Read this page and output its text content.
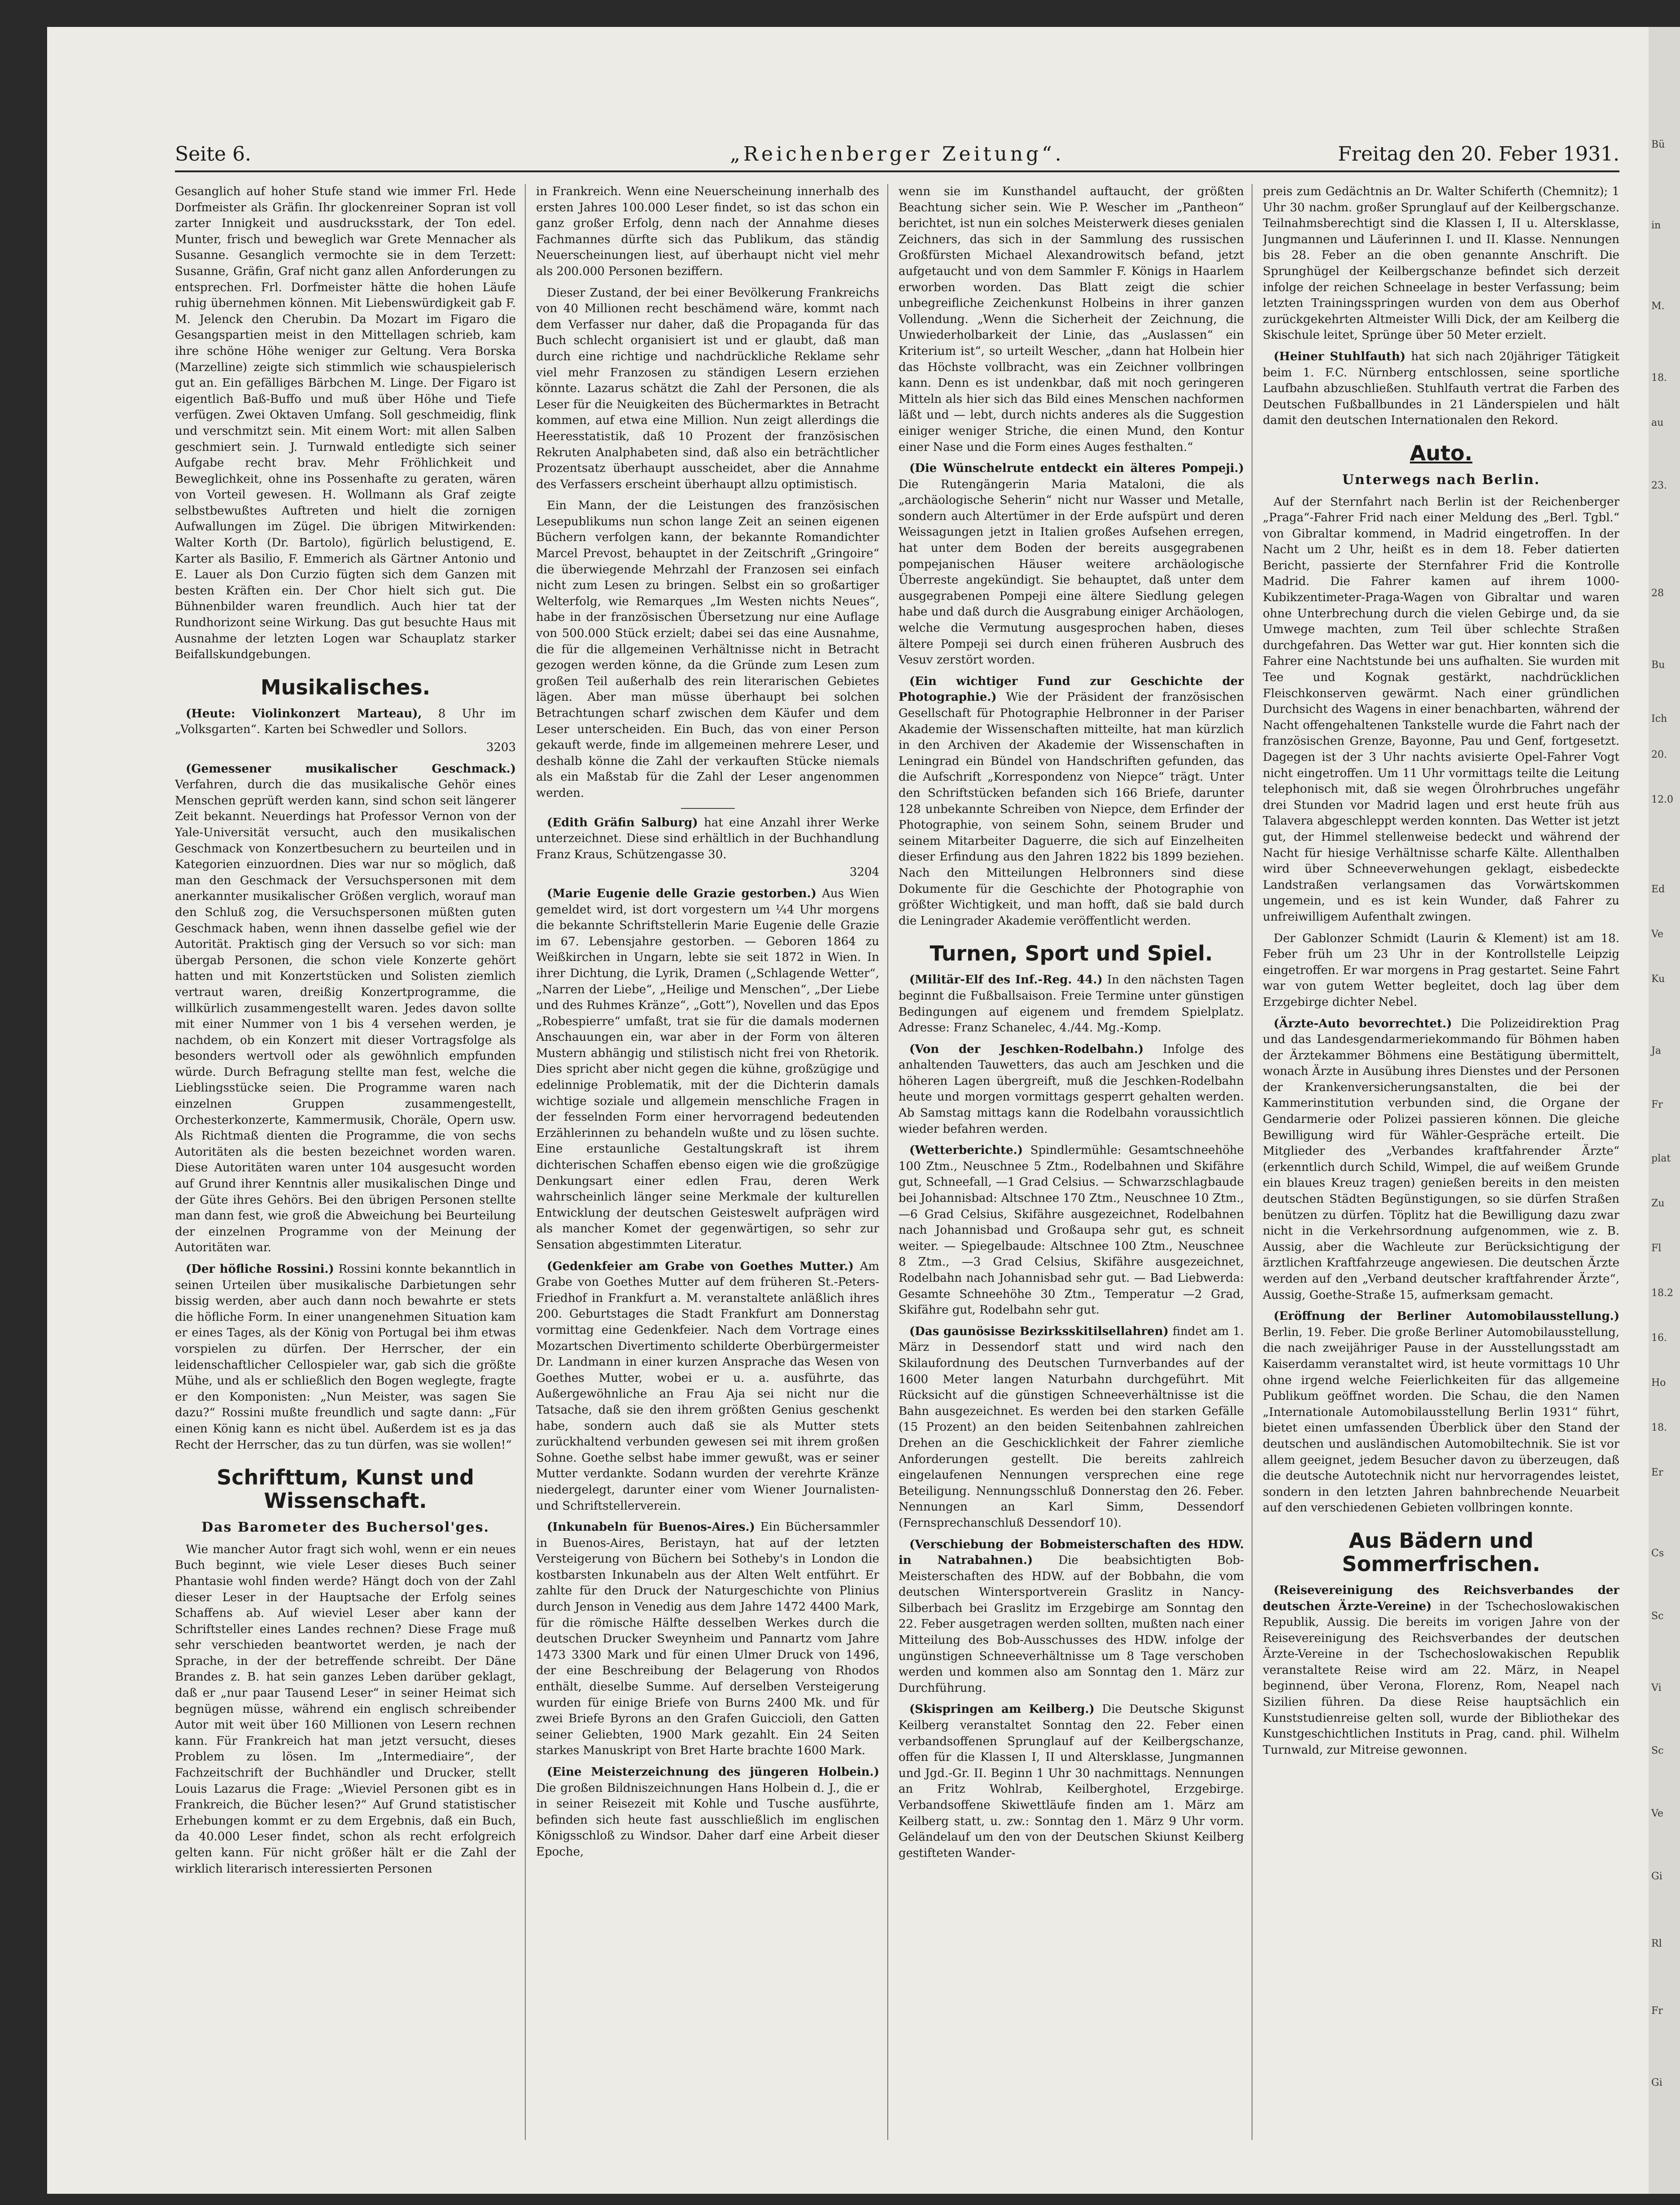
Bü
in
M.
18.
au
23.
28
Bu
Ich
20.
12.0
Ed
Ve
Ku
Ja
Fr
plat
Zu
Fl
18.2
16.
Ho
18.
Er
Cs
Sc
Vi
Sc
Ve
Gi
Rl
Fr
Gi
Seite 6.	„Reichenberger Zeitung“.	Freitag den 20. Feber 1931.

Gesanglich auf hoher Stufe stand wie immer Frl. Hede Dorfmeister als Gräfin. Ihr glockenreiner Sopran ist voll zarter Innigkeit und ausdrucksstark, der Ton edel. Munter, frisch und beweglich war Grete Mennacher als Susanne. Gesanglich vermochte sie in dem Terzett: Susanne, Gräfin, Graf nicht ganz allen Anforderungen zu entsprechen. Frl. Dorfmeister hätte die hohen Läufe ruhig übernehmen können. Mit Liebenswürdigkeit gab F. M. Jelenck den Cherubin. Da Mozart im Figaro die Gesangspartien meist in den Mittellagen schrieb, kam ihre schöne Höhe weniger zur Geltung. Vera Borska (Marzelline) zeigte sich stimmlich wie schauspielerisch gut an. Ein gefälliges Bärbchen M. Linge. Der Figaro ist eigentlich Baß-Buffo und muß über Höhe und Tiefe verfügen. Zwei Oktaven Umfang. Soll geschmeidig, flink und verschmitzt sein. Mit einem Wort: mit allen Salben geschmiert sein. J. Turnwald entledigte sich seiner Aufgabe recht brav. Mehr Fröhlichkeit und Beweglichkeit, ohne ins Possenhafte zu geraten, wären von Vorteil gewesen. H. Wollmann als Graf zeigte selbstbewußtes Auftreten und hielt die zornigen Aufwallungen im Zügel. Die übrigen Mitwirkenden: Walter Korth (Dr. Bartolo), figürlich belustigend, E. Karter als Basilio, F. Emmerich als Gärtner Antonio und E. Lauer als Don Curzio fügten sich dem Ganzen mit besten Kräften ein. Der Chor hielt sich gut. Die Bühnenbilder waren freundlich. Auch hier tat der Rundhorizont seine Wirkung. Das gut besuchte Haus mit Ausnahme der letzten Logen war Schauplatz starker Beifallskundgebungen.

Musikalisches.

(Heute: Violinkonzert Marteau), 8 Uhr im „Volksgarten“. Karten bei Schwedler und Sollors.

3203

(Gemessener musikalischer Geschmack.) Verfahren, durch die das musikalische Gehör eines Menschen geprüft werden kann, sind schon seit längerer Zeit bekannt. Neuerdings hat Professor Vernon von der Yale-Universität versucht, auch den musikalischen Geschmack von Konzertbesuchern zu beurteilen und in Kategorien einzuordnen. Dies war nur so möglich, daß man den Geschmack der Versuchspersonen mit dem anerkannter musikalischer Größen verglich, worauf man den Schluß zog, die Versuchspersonen müßten guten Geschmack haben, wenn ihnen dasselbe gefiel wie der Autorität. Praktisch ging der Versuch so vor sich: man übergab Personen, die schon viele Konzerte gehört hatten und mit Konzertstücken und Solisten ziemlich vertraut waren, dreißig Konzertprogramme, die willkürlich zusammengestellt waren. Jedes davon sollte mit einer Nummer von 1 bis 4 versehen werden, je nachdem, ob ein Konzert mit dieser Vortragsfolge als besonders wertvoll oder als gewöhnlich empfunden würde. Durch Befragung stellte man fest, welche die Lieblingsstücke seien. Die Programme waren nach einzelnen Gruppen zusammengestellt, Orchesterkonzerte, Kammermusik, Choräle, Opern usw. Als Richtmaß dienten die Programme, die von sechs Autoritäten als die besten bezeichnet worden waren. Diese Autoritäten waren unter 104 ausgesucht worden auf Grund ihrer Kenntnis aller musikalischen Dinge und der Güte ihres Gehörs. Bei den übrigen Personen stellte man dann fest, wie groß die Abweichung bei Beurteilung der einzelnen Programme von der Meinung der Autoritäten war.

(Der höfliche Rossini.) Rossini konnte bekanntlich in seinen Urteilen über musikalische Darbietungen sehr bissig werden, aber auch dann noch bewahrte er stets die höfliche Form. In einer unangenehmen Situation kam er eines Tages, als der König von Portugal bei ihm etwas vorspielen zu dürfen. Der Herrscher, der ein leidenschaftlicher Cellospieler war, gab sich die größte Mühe, und als er schließlich den Bogen weglegte, fragte er den Komponisten: „Nun Meister, was sagen Sie dazu?“ Rossini mußte freundlich und sagte dann: „Für einen König kann es nicht übel. Außerdem ist es ja das Recht der Herrscher, das zu tun dürfen, was sie wollen!“

Schrifttum, Kunst und Wissenschaft.
Das Barometer des Buchersol'ges.

Wie mancher Autor fragt sich wohl, wenn er ein neues Buch beginnt, wie viele Leser dieses Buch seiner Phantasie wohl finden werde? Hängt doch von der Zahl dieser Leser in der Hauptsache der Erfolg seines Schaffens ab. Auf wieviel Leser aber kann der Schriftsteller eines Landes rechnen? Diese Frage muß sehr verschieden beantwortet werden, je nach der Sprache, in der der betreffende schreibt. Der Däne Brandes z. B. hat sein ganzes Leben darüber geklagt, daß er „nur paar Tausend Leser“ in seiner Heimat sich begnügen müsse, während ein englisch schreibender Autor mit weit über 160 Millionen von Lesern rechnen kann. Für Frankreich hat man jetzt versucht, dieses Problem zu lösen. Im „Intermediaire“, der Fachzeitschrift der Buchhändler und Drucker, stellt Louis Lazarus die Frage: „Wieviel Personen gibt es in Frankreich, die Bücher lesen?“ Auf Grund statistischer Erhebungen kommt er zu dem Ergebnis, daß ein Buch, da 40.000 Leser findet, schon als recht erfolgreich gelten kann. Für nicht größer hält er die Zahl der wirklich literarisch interessierten Personen

in Frankreich. Wenn eine Neuerscheinung innerhalb des ersten Jahres 100.000 Leser findet, so ist das schon ein ganz großer Erfolg, denn nach der Annahme dieses Fachmannes dürfte sich das Publikum, das ständig Neuerscheinungen liest, auf überhaupt nicht viel mehr als 200.000 Personen beziffern.

Dieser Zustand, der bei einer Bevölkerung Frankreichs von 40 Millionen recht beschämend wäre, kommt nach dem Verfasser nur daher, daß die Propaganda für das Buch schlecht organisiert ist und er glaubt, daß man durch eine richtige und nachdrückliche Reklame sehr viel mehr Franzosen zu ständigen Lesern erziehen könnte. Lazarus schätzt die Zahl der Personen, die als Leser für die Neuigkeiten des Büchermarktes in Betracht kommen, auf etwa eine Million. Nun zeigt allerdings die Heeresstatistik, daß 10 Prozent der französischen Rekruten Analphabeten sind, daß also ein beträchtlicher Prozentsatz überhaupt ausscheidet, aber die Annahme des Verfassers erscheint überhaupt allzu optimistisch.

Ein Mann, der die Leistungen des französischen Lesepublikums nun schon lange Zeit an seinen eigenen Büchern verfolgen kann, der bekannte Romandichter Marcel Prevost, behauptet in der Zeitschrift „Gringoire“ die überwiegende Mehrzahl der Franzosen sei einfach nicht zum Lesen zu bringen. Selbst ein so großartiger Welterfolg, wie Remarques „Im Westen nichts Neues“, habe in der französischen Übersetzung nur eine Auflage von 500.000 Stück erzielt; dabei sei das eine Ausnahme, die für die allgemeinen Verhältnisse nicht in Betracht gezogen werden könne, da die Gründe zum Lesen zum großen Teil außerhalb des rein literarischen Gebietes lägen. Aber man müsse überhaupt bei solchen Betrachtungen scharf zwischen dem Käufer und dem Leser unterscheiden. Ein Buch, das von einer Person gekauft werde, finde im allgemeinen mehrere Leser, und deshalb könne die Zahl der verkauften Stücke niemals als ein Maßstab für die Zahl der Leser angenommen werden.

(Edith Gräfin Salburg) hat eine Anzahl ihrer Werke unterzeichnet. Diese sind erhältlich in der Buchhandlung Franz Kraus, Schützengasse 30.

3204

(Marie Eugenie delle Grazie gestorben.) Aus Wien gemeldet wird, ist dort vorgestern um ¼4 Uhr morgens die bekannte Schriftstellerin Marie Eugenie delle Grazie im 67. Lebensjahre gestorben. — Geboren 1864 zu Weißkirchen in Ungarn, lebte sie seit 1872 in Wien. In ihrer Dichtung, die Lyrik, Dramen („Schlagende Wetter“, „Narren der Liebe“, „Heilige und Menschen“, „Der Liebe und des Ruhmes Kränze“, „Gott“), Novellen und das Epos „Robespierre“ umfaßt, trat sie für die damals modernen Anschauungen ein, war aber in der Form von älteren Mustern abhängig und stilistisch nicht frei von Rhetorik. Dies spricht aber nicht gegen die kühne, großzügige und edelinnige Problematik, mit der die Dichterin damals wichtige soziale und allgemein menschliche Fragen in der fesselnden Form einer hervorragend bedeutenden Erzählerinnen zu behandeln wußte und zu lösen suchte. Eine erstaunliche Gestaltungskraft ist ihrem dichterischen Schaffen ebenso eigen wie die großzügige Denkungsart einer edlen Frau, deren Werk wahrscheinlich länger seine Merkmale der kulturellen Entwicklung der deutschen Geisteswelt aufprägen wird als mancher Komet der gegenwärtigen, so sehr zur Sensation abgestimmten Literatur.

(Gedenkfeier am Grabe von Goethes Mutter.) Am Grabe von Goethes Mutter auf dem früheren St.-Peters-Friedhof in Frankfurt a. M. veranstaltete anläßlich ihres 200. Geburtstages die Stadt Frankfurt am Donnerstag vormittag eine Gedenkfeier. Nach dem Vortrage eines Mozartschen Divertimento schilderte Oberbürgermeister Dr. Landmann in einer kurzen Ansprache das Wesen von Goethes Mutter, wobei er u. a. ausführte, das Außergewöhnliche an Frau Aja sei nicht nur die Tatsache, daß sie den ihrem größten Genius geschenkt habe, sondern auch daß sie als Mutter stets zurückhaltend verbunden gewesen sei mit ihrem großen Sohne. Goethe selbst habe immer gewußt, was er seiner Mutter verdankte. Sodann wurden der verehrte Kränze niedergelegt, darunter einer vom Wiener Journalisten- und Schriftstellerverein.

(Inkunabeln für Buenos-Aires.) Ein Büchersammler in Buenos-Aires, Beristayn, hat auf der letzten Versteigerung von Büchern bei Sotheby's in London die kostbarsten Inkunabeln aus der Alten Welt entführt. Er zahlte für den Druck der Naturgeschichte von Plinius durch Jenson in Venedig aus dem Jahre 1472 4400 Mark, für die römische Hälfte desselben Werkes durch die deutschen Drucker Sweynheim und Pannartz vom Jahre 1473 3300 Mark und für einen Ulmer Druck von 1496, der eine Beschreibung der Belagerung von Rhodos enthält, dieselbe Summe. Auf derselben Versteigerung wurden für einige Briefe von Burns 2400 Mk. und für zwei Briefe Byrons an den Grafen Guiccioli, den Gatten seiner Geliebten, 1900 Mark gezahlt. Ein 24 Seiten starkes Manuskript von Bret Harte brachte 1600 Mark.

(Eine Meisterzeichnung des jüngeren Holbein.) Die großen Bildniszeichnungen Hans Holbein d. J., die er in seiner Reisezeit mit Kohle und Tusche ausführte, befinden sich heute fast ausschließlich im englischen Königsschloß zu Windsor. Daher darf eine Arbeit dieser Epoche,

wenn sie im Kunsthandel auftaucht, der größten Beachtung sicher sein. Wie P. Wescher im „Pantheon“ berichtet, ist nun ein solches Meisterwerk dieses genialen Zeichners, das sich in der Sammlung des russischen Großfürsten Michael Alexandrowitsch befand, jetzt aufgetaucht und von dem Sammler F. Königs in Haarlem erworben worden. Das Blatt zeigt die schier unbegreifliche Zeichenkunst Holbeins in ihrer ganzen Vollendung. „Wenn die Sicherheit der Zeichnung, die Unwiederholbarkeit der Linie, das „Auslassen“ ein Kriterium ist“, so urteilt Wescher, „dann hat Holbein hier das Höchste vollbracht, was ein Zeichner vollbringen kann. Denn es ist undenkbar, daß mit noch geringeren Mitteln als hier sich das Bild eines Menschen nachformen läßt und — lebt, durch nichts anderes als die Suggestion einiger weniger Striche, die einen Mund, den Kontur einer Nase und die Form eines Auges festhalten.“

(Die Wünschelrute entdeckt ein älteres Pompeji.) Die Rutengängerin Maria Mataloni, die als „archäologische Seherin“ nicht nur Wasser und Metalle, sondern auch Altertümer in der Erde aufspürt und deren Weissagungen jetzt in Italien großes Aufsehen erregen, hat unter dem Boden der bereits ausgegrabenen pompejanischen Häuser weitere archäologische Überreste angekündigt. Sie behauptet, daß unter dem ausgegrabenen Pompeji eine ältere Siedlung gelegen habe und daß durch die Ausgrabung einiger Archäologen, welche die Vermutung ausgesprochen haben, dieses ältere Pompeji sei durch einen früheren Ausbruch des Vesuv zerstört worden.

(Ein wichtiger Fund zur Geschichte der Photographie.) Wie der Präsident der französischen Gesellschaft für Photographie Helbronner in der Pariser Akademie der Wissenschaften mitteilte, hat man kürzlich in den Archiven der Akademie der Wissenschaften in Leningrad ein Bündel von Handschriften gefunden, das die Aufschrift „Korrespondenz von Niepce“ trägt. Unter den Schriftstücken befanden sich 166 Briefe, darunter 128 unbekannte Schreiben von Niepce, dem Erfinder der Photographie, von seinem Sohn, seinem Bruder und seinem Mitarbeiter Daguerre, die sich auf Einzelheiten dieser Erfindung aus den Jahren 1822 bis 1899 beziehen. Nach den Mitteilungen Helbronners sind diese Dokumente für die Geschichte der Photographie von größter Wichtigkeit, und man hofft, daß sie bald durch die Leningrader Akademie veröffentlicht werden.

Turnen, Sport und Spiel.

(Militär-Elf des Inf.-Reg. 44.) In den nächsten Tagen beginnt die Fußballsaison. Freie Termine unter günstigen Bedingungen auf eigenem und fremdem Spielplatz. Adresse: Franz Schanelec, 4./44. Mg.-Komp.

(Von der Jeschken-Rodelbahn.) Infolge des anhaltenden Tauwetters, das auch am Jeschken und die höheren Lagen übergreift, muß die Jeschken-Rodelbahn heute und morgen vormittags gesperrt gehalten werden. Ab Samstag mittags kann die Rodelbahn voraussichtlich wieder befahren werden.

(Wetterberichte.) Spindlermühle: Gesamtschneehöhe 100 Ztm., Neuschnee 5 Ztm., Rodelbahnen und Skifähre gut, Schneefall, —1 Grad Celsius. — Schwarzschlagbaude bei Johannisbad: Altschnee 170 Ztm., Neuschnee 10 Ztm., —6 Grad Celsius, Skifähre ausgezeichnet, Rodelbahnen nach Johannisbad und Großaupa sehr gut, es schneit weiter. — Spiegelbaude: Altschnee 100 Ztm., Neuschnee 8 Ztm., —3 Grad Celsius, Skifähre ausgezeichnet, Rodelbahn nach Johannisbad sehr gut. — Bad Liebwerda: Gesamte Schneehöhe 30 Ztm., Temperatur —2 Grad, Skifähre gut, Rodelbahn sehr gut.

(Das gaunösisse Bezirksskitilsellahren) findet am 1. März in Dessendorf statt und wird nach den Skilaufordnung des Deutschen Turnverbandes auf der 1600 Meter langen Naturbahn durchgeführt. Mit Rücksicht auf die günstigen Schneeverhältnisse ist die Bahn ausgezeichnet. Es werden bei den starken Gefälle (15 Prozent) an den beiden Seitenbahnen zahlreichen Drehen an die Geschicklichkeit der Fahrer ziemliche Anforderungen gestellt. Die bereits zahlreich eingelaufenen Nennungen versprechen eine rege Beteiligung. Nennungsschluß Donnerstag den 26. Feber. Nennungen an Karl Simm, Dessendorf (Fernsprechanschluß Dessendorf 10).

(Verschiebung der Bobmeisterschaften des HDW. in Natrabahnen.) Die beabsichtigten Bob-Meisterschaften des HDW. auf der Bobbahn, die vom deutschen Wintersportverein Graslitz in Nancy-Silberbach bei Graslitz im Erzgebirge am Sonntag den 22. Feber ausgetragen werden sollten, mußten nach einer Mitteilung des Bob-Ausschusses des HDW. infolge der ungünstigen Schneeverhältnisse um 8 Tage verschoben werden und kommen also am Sonntag den 1. März zur Durchführung.

(Skispringen am Keilberg.) Die Deutsche Skigunst Keilberg veranstaltet Sonntag den 22. Feber einen verbandsoffenen Sprunglauf auf der Keilbergschanze, offen für die Klassen I, II und Altersklasse, Jungmannen und Jgd.-Gr. II. Beginn 1 Uhr 30 nachmittags. Nennungen an Fritz Wohlrab, Keilberghotel, Erzgebirge. Verbandsoffene Skiwettläufe finden am 1. März am Keilberg statt, u. zw.: Sonntag den 1. März 9 Uhr vorm. Geländelauf um den von der Deutschen Skiunst Keilberg gestifteten Wander-

preis zum Gedächtnis an Dr. Walter Schiferth (Chemnitz); 1 Uhr 30 nachm. großer Sprunglauf auf der Keilbergschanze. Teilnahmsberechtigt sind die Klassen I, II u. Altersklasse, Jungmannen und Läuferinnen I. und II. Klasse. Nennungen bis 28. Feber an die oben genannte Anschrift. Die Sprunghügel der Keilbergschanze befindet sich derzeit infolge der reichen Schneelage in bester Verfassung; beim letzten Trainingsspringen wurden von dem aus Oberhof zurückgekehrten Altmeister Willi Dick, der am Keilberg die Skischule leitet, Sprünge über 50 Meter erzielt.

(Heiner Stuhlfauth) hat sich nach 20jähriger Tätigkeit beim 1. F.C. Nürnberg entschlossen, seine sportliche Laufbahn abzuschließen. Stuhlfauth vertrat die Farben des Deutschen Fußballbundes in 21 Länderspielen und hält damit den deutschen Internationalen den Rekord.

Auto.
Unterwegs nach Berlin.

Auf der Sternfahrt nach Berlin ist der Reichenberger „Praga“-Fahrer Frid nach einer Meldung des „Berl. Tgbl.“ von Gibraltar kommend, in Madrid eingetroffen. In der Nacht um 2 Uhr, heißt es in dem 18. Feber datierten Bericht, passierte der Sternfahrer Frid die Kontrolle Madrid. Die Fahrer kamen auf ihrem 1000-Kubikzentimeter-Praga-Wagen von Gibraltar und waren ohne Unterbrechung durch die vielen Gebirge und, da sie Umwege machten, zum Teil über schlechte Straßen durchgefahren. Das Wetter war gut. Hier konnten sich die Fahrer eine Nachtstunde bei uns aufhalten. Sie wurden mit Tee und Kognak gestärkt, nachdrücklichen Fleischkonserven gewärmt. Nach einer gründlichen Durchsicht des Wagens in einer benachbarten, während der Nacht offengehaltenen Tankstelle wurde die Fahrt nach der französischen Grenze, Bayonne, Pau und Genf, fortgesetzt. Dagegen ist der 3 Uhr nachts avisierte Opel-Fahrer Vogt nicht eingetroffen. Um 11 Uhr vormittags teilte die Leitung telephonisch mit, daß sie wegen Ölrohrbruches ungefähr drei Stunden vor Madrid lagen und erst heute früh aus Talavera abgeschleppt werden konnten. Das Wetter ist jetzt gut, der Himmel stellenweise bedeckt und während der Nacht für hiesige Verhältnisse scharfe Kälte. Allenthalben wird über Schneeverwehungen geklagt, eisbedeckte Landstraßen verlangsamen das Vorwärtskommen ungemein, und es ist kein Wunder, daß Fahrer zu unfreiwilligem Aufenthalt zwingen.

Der Gablonzer Schmidt (Laurin & Klement) ist am 18. Feber früh um 23 Uhr in der Kontrollstelle Leipzig eingetroffen. Er war morgens in Prag gestartet. Seine Fahrt war von gutem Wetter begleitet, doch lag über dem Erzgebirge dichter Nebel.

(Ärzte-Auto bevorrechtet.) Die Polizeidirektion Prag und das Landesgendarmeriekommando für Böhmen haben der Ärztekammer Böhmens eine Bestätigung übermittelt, wonach Ärzte in Ausübung ihres Dienstes und der Personen der Krankenversicherungsanstalten, die bei der Kammerinstitution verbunden sind, die Organe der Gendarmerie oder Polizei passieren können. Die gleiche Bewilligung wird für Wähler-Gespräche erteilt. Die Mitglieder des „Verbandes kraftfahrender Ärzte“ (erkenntlich durch Schild, Wimpel, die auf weißem Grunde ein blaues Kreuz tragen) genießen bereits in den meisten deutschen Städten Begünstigungen, so sie dürfen Straßen benützen zu dürfen. Töplitz hat die Bewilligung dazu zwar nicht in die Verkehrsordnung aufgenommen, wie z. B. Aussig, aber die Wachleute zur Berücksichtigung der ärztlichen Kraftfahrzeuge angewiesen. Die deutschen Ärzte werden auf den „Verband deutscher kraftfahrender Ärzte“, Aussig, Goethe-Straße 15, aufmerksam gemacht.

(Eröffnung der Berliner Automobilausstellung.) Berlin, 19. Feber. Die große Berliner Automobilausstellung, die nach zweijähriger Pause in der Ausstellungsstadt am Kaiserdamm veranstaltet wird, ist heute vormittags 10 Uhr ohne irgend welche Feierlichkeiten für das allgemeine Publikum geöffnet worden. Die Schau, die den Namen „Internationale Automobilausstellung Berlin 1931“ führt, bietet einen umfassenden Überblick über den Stand der deutschen und ausländischen Automobiltechnik. Sie ist vor allem geeignet, jedem Besucher davon zu überzeugen, daß die deutsche Autotechnik nicht nur hervorragendes leistet, sondern in den letzten Jahren bahnbrechende Neuarbeit auf den verschiedenen Gebieten vollbringen konnte.

Aus Bädern und Sommerfrischen.

(Reisevereinigung des Reichsverbandes der deutschen Ärzte-Vereine) in der Tschechoslowakischen Republik, Aussig. Die bereits im vorigen Jahre von der Reisevereinigung des Reichsverbandes der deutschen Ärzte-Vereine in der Tschechoslowakischen Republik veranstaltete Reise wird am 22. März, in Neapel beginnend, über Verona, Florenz, Rom, Neapel nach Sizilien führen. Da diese Reise hauptsächlich ein Kunststudienreise gelten soll, wurde der Bibliothekar des Kunstgeschichtlichen Instituts in Prag, cand. phil. Wilhelm Turnwald, zur Mitreise gewonnen.
